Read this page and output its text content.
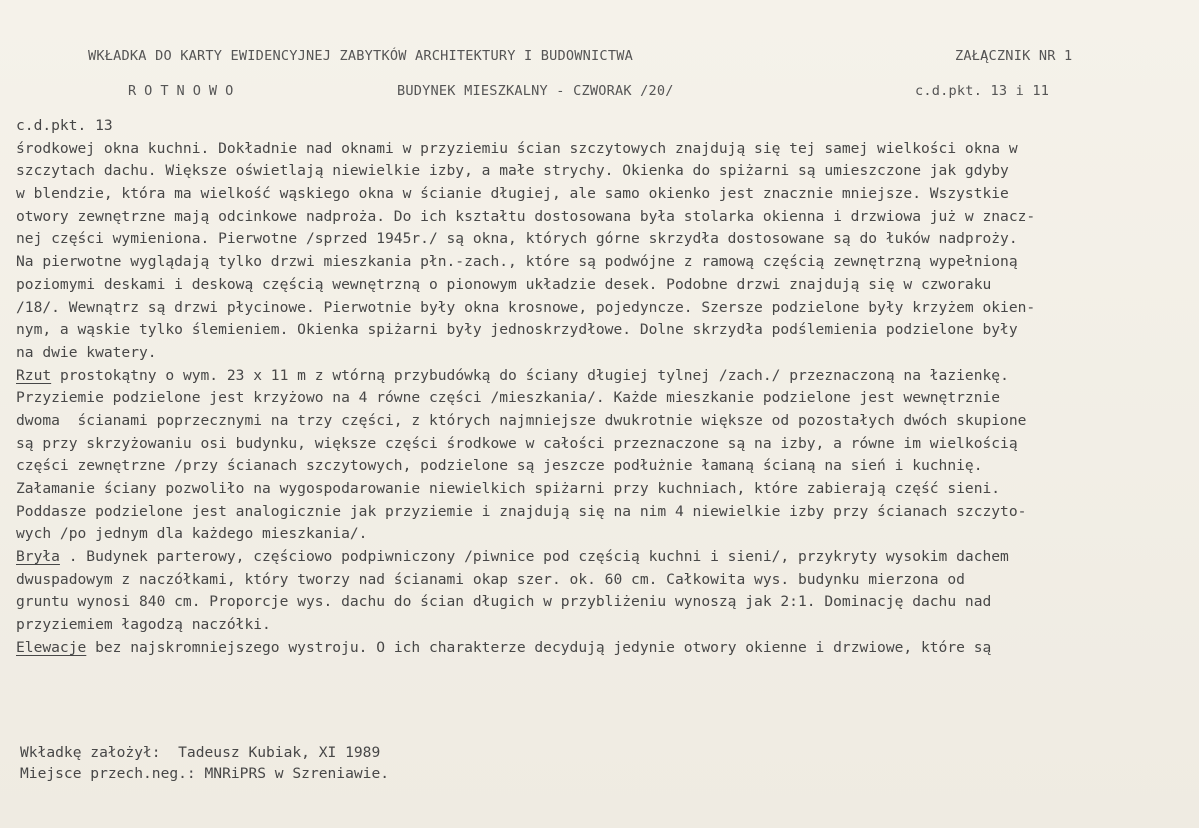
WKŁADKA DO KARTY EWIDENCYJNEJ ZABYTKÓW ARCHITEKTURY I BUDOWNICTWA	ZAŁĄCZNIK NR 1
ROTNOWO	BUDYNEK MIESZKALNY - CZWORAK /20/	c.d.pkt. 13 i 11
c.d.pkt. 13
środkowej okna kuchni. Dokładnie nad oknami w przyziemiu ścian szczytowych znajdują się tej samej wielkości okna w
szczytach dachu. Większe oświetlają niewielkie izby, a małe strychy. Okienka do spiżarni są umieszczone jak gdyby
w blendzie, która ma wielkość wąskiego okna w ścianie długiej, ale samo okienko jest znacznie mniejsze. Wszystkie
otwory zewnętrzne mają odcinkowe nadproża. Do ich kształtu dostosowana była stolarka okienna i drzwiowa już w znacz-
nej części wymieniona. Pierwotne /sprzed 1945r./ są okna, których górne skrzydła dostosowane są do łuków nadproży.
Na pierwotne wyglądają tylko drzwi mieszkania płn.-zach., które są podwójne z ramową częścią zewnętrzną wypełnioną
poziomymi deskami i deskową częścią wewnętrzną o pionowym układzie desek. Podobne drzwi znajdują się w czworaku
/18/. Wewnątrz są drzwi płycinowe. Pierwotnie były okna krosnowe, pojedyncze. Szersze podzielone były krzyżem okien-
nym, a wąskie tylko ślemieniem. Okienka spiżarni były jednoskrzydłowe. Dolne skrzydła podślemienia podzielone były
na dwie kwatery.
Rzut prostokątny o wym. 23 x 11 m z wtórną przybudówką do ściany długiej tylnej /zach./ przeznaczoną na łazienkę.
Przyziemie podzielone jest krzyżowo na 4 równe części /mieszkania/. Każde mieszkanie podzielone jest wewnętrznie
dwoma  ścianami poprzecznymi na trzy części, z których najmniejsze dwukrotnie większe od pozostałych dwóch skupione
są przy skrzyżowaniu osi budynku, większe części środkowe w całości przeznaczone są na izby, a równe im wielkością
części zewnętrzne /przy ścianach szczytowych, podzielone są jeszcze podłużnie łamaną ścianą na sień i kuchnię.
Załamanie ściany pozwoliło na wygospodarowanie niewielkich spiżarni przy kuchniach, które zabierają część sieni.
Poddasze podzielone jest analogicznie jak przyziemie i znajdują się na nim 4 niewielkie izby przy ścianach szczyto-
wych /po jednym dla każdego mieszkania/.
Bryła . Budynek parterowy, częściowo podpiwniczony /piwnice pod częścią kuchni i sieni/, przykryty wysokim dachem
dwuspadowym z naczółkami, który tworzy nad ścianami okap szer. ok. 60 cm. Całkowita wys. budynku mierzona od
gruntu wynosi 840 cm. Proporcje wys. dachu do ścian długich w przybliżeniu wynoszą jak 2:1. Dominację dachu nad
przyziemiem łagodzą naczółki.
Elewacje bez najskromniejszego wystroju. O ich charakterze decydują jedynie otwory okienne i drzwiowe, które są
Wkładkę założył:  Tadeusz Kubiak, XI 1989
Miejsce przech.neg.: MNRiPRS w Szreniawie.
